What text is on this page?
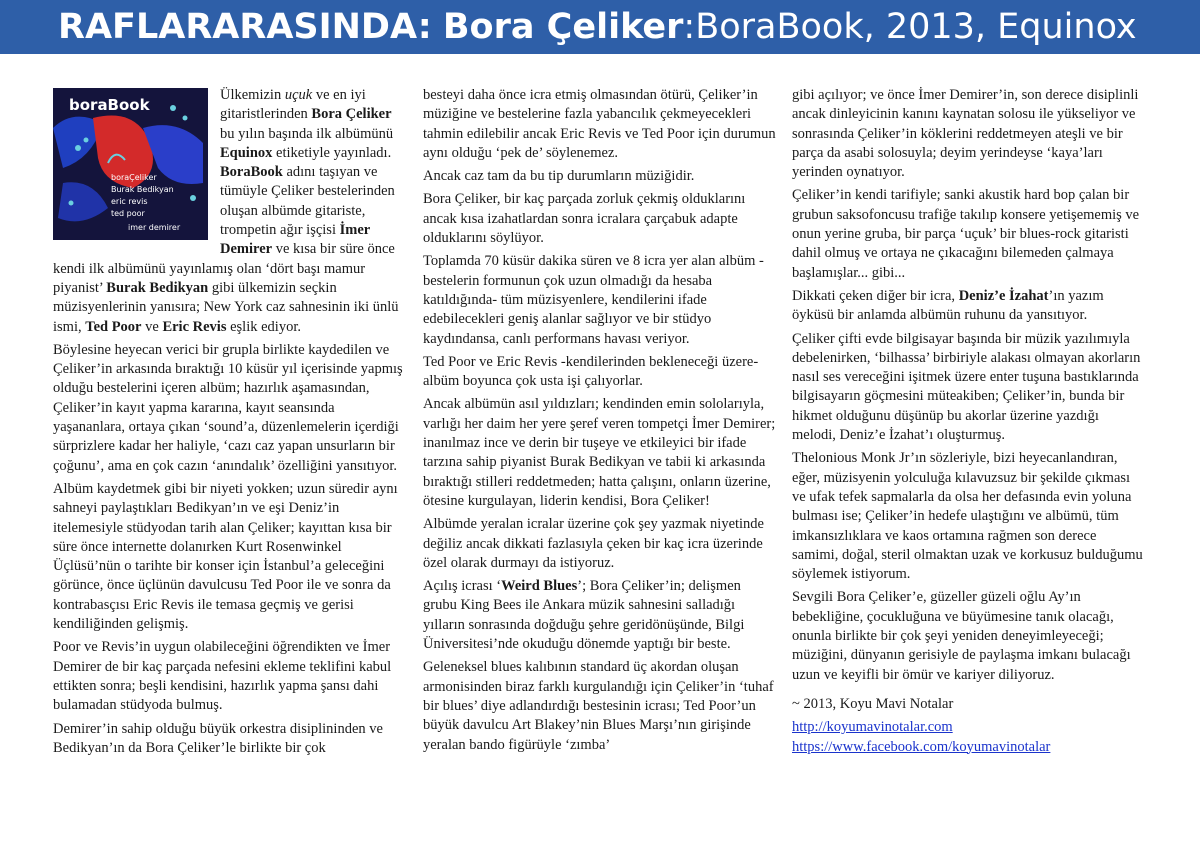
RAFLARARASINDA:
Bora Çeliker : BoraBook, 2013, Equinox
boraBook
boraÇeliker
Burak Bedikyan
eric revis
ted poor
imer demirer

Ülkemizin uçuk ve en iyi gitaristlerinden Bora Çeliker bu yılın başında ilk albümünü Equinox etiketiyle yayınladı. BoraBook adını taşıyan ve tümüyle Çeliker bestelerinden oluşan albümde gitariste, trompetin ağır işçisi İmer Demirer ve kısa bir süre önce kendi ilk albümünü yayınlamış olan ‘dört başı mamur piyanist’ Burak Bedikyan gibi ülkemizin seçkin müzisyenlerinin yanısıra; New York caz sahnesinin iki ünlü ismi, Ted Poor ve Eric Revis eşlik ediyor.

Böylesine heyecan verici bir grupla birlikte kaydedilen ve Çeliker’in arkasında bıraktığı 10 küsür yıl içerisinde yapmış olduğu bestelerini içeren albüm; hazırlık aşamasından, Çeliker’in kayıt yapma kararına, kayıt seansında yaşananlara, ortaya çıkan ‘sound’a, düzenlemelerin içerdiği sürprizlere kadar her haliyle, ‘cazı caz yapan unsurların bir çoğunu’, ama en çok cazın ‘anındalık’ özelliğini yansıtıyor.

Albüm kaydetmek gibi bir niyeti yokken; uzun süredir aynı sahneyi paylaştıkları Bedikyan’ın ve eşi Deniz’in itelemesiyle stüdyodan tarih alan Çeliker; kayıttan kısa bir süre önce internette dolanırken Kurt Rosenwinkel Üçlüsü’nün o tarihte bir konser için İstanbul’a geleceğini görünce, önce üçlünün davulcusu Ted Poor ile ve sonra da kontrabasçısı Eric Revis ile temasa geçmiş ve gerisi kendiliğinden gelişmiş.

Poor ve Revis’in uygun olabileceğini öğrendikten ve İmer Demirer de bir kaç parçada nefesini ekleme teklifini kabul ettikten sonra; beşli kendisini, hazırlık yapma şansı dahi bulamadan stüdyoda bulmuş.

Demirer’in sahip olduğu büyük orkestra disiplininden ve Bedikyan’ın da Bora Çeliker’le birlikte bir çok

besteyi daha önce icra etmiş olmasından ötürü, Çeliker’in müziğine ve bestelerine fazla yabancılık çekmeyecekleri tahmin edilebilir ancak Eric Revis ve Ted Poor için durumun aynı olduğu ‘pek de’ söylenemez.

Ancak caz tam da bu tip durumların müziğidir.

Bora Çeliker, bir kaç parçada zorluk çekmiş olduklarını ancak kısa izahatlardan sonra icralara çarçabuk adapte olduklarını söylüyor.

Toplamda 70 küsür dakika süren ve 8 icra yer alan albüm -bestelerin formunun çok uzun olmadığı da hesaba katıldığında- tüm müzisyenlere, kendilerini ifade edebilecekleri geniş alanlar sağlıyor ve bir stüdyo kaydındansa, canlı performans havası veriyor.

Ted Poor ve Eric Revis -kendilerinden bekleneceği üzere- albüm boyunca çok usta işi çalıyorlar.

Ancak albümün asıl yıldızları; kendinden emin sololarıyla, varlığı her daim her yere şeref veren tompetçi İmer Demirer; inanılmaz ince ve derin bir tuşeye ve etkileyici bir ifade tarzına sahip piyanist Burak Bedikyan ve tabii ki arkasında bıraktığı stilleri reddetmeden; hatta çalışını, onların üzerine, ötesine kurgulayan, liderin kendisi, Bora Çeliker!

Albümde yeralan icralar üzerine çok şey yazmak niyetinde değiliz ancak dikkati fazlasıyla çeken bir kaç icra üzerinde özel olarak durmayı da istiyoruz.

Açılış icrası ‘Weird Blues’; Bora Çeliker’in; delişmen grubu King Bees ile Ankara müzik sahnesini salladığı yılların sonrasında doğduğu şehre geridönüşünde, Bilgi Üniversitesi’nde okuduğu dönemde yaptığı bir beste.

Geleneksel blues kalıbının standard üç akordan oluşan armonisinden biraz farklı kurgulandığı için Çeliker’in ‘tuhaf bir blues’ diye adlandırdığı bestesinin icrası; Ted Poor’un büyük davulcu Art Blakey’nin Blues Marşı’nın girişinde yeralan bando figürüyle ‘zımba’

gibi açılıyor; ve önce İmer Demirer’in, son derece disiplinli ancak dinleyicinin kanını kaynatan solosu ile yükseliyor ve sonrasında Çeliker’in köklerini reddetmeyen ateşli ve bir parça da asabi solosuyla; deyim yerindeyse ‘kaya’ları yerinden oynatıyor.

Çeliker’in kendi tarifiyle; sanki akustik hard bop çalan bir grubun saksofoncusu trafiğe takılıp konsere yetişememiş ve onun yerine gruba, bir parça ‘uçuk’ bir blues-rock gitaristi dahil olmuş ve ortaya ne çıkacağını bilemeden çalmaya başlamışlar... gibi...

Dikkati çeken diğer bir icra, Deniz’e İzahat’ın yazım öyküsü bir anlamda albümün ruhunu da yansıtıyor.

Çeliker çifti evde bilgisayar başında bir müzik yazılımıyla debelenirken, ‘bilhassa’ birbiriyle alakası olmayan akorların nasıl ses vereceğini işitmek üzere enter tuşuna bastıklarında bilgisayarın göçmesini müteakiben; Çeliker’in, bunda bir hikmet olduğunu düşünüp bu akorlar üzerine yazdığı melodi, Deniz’e İzahat’ı oluşturmuş.

Thelonious Monk Jr’ın sözleriyle, bizi heyecanlandıran, eğer, müzisyenin yolculuğa kılavuzsuz bir şekilde çıkması ve ufak tefek sapmalarla da olsa her defasında evin yoluna bulması ise; Çeliker’in hedefe ulaştığını ve albümü, tüm imkansızlıklara ve kaos ortamına rağmen son derece samimi, doğal, steril olmaktan uzak ve korkusuz bulduğumu söylemek istiyorum.

Sevgili Bora Çeliker’e, güzeller güzeli oğlu Ay’ın bebekliğine, çocukluğuna ve büyümesine tanık olacağı, onunla birlikte bir çok şeyi yeniden deneyimleyeceği; müziğini, dünyanın gerisiyle de paylaşma imkanı bulacağı uzun ve keyifli bir ömür ve kariyer diliyoruz.

~ 2013, Koyu Mavi Notalar

http://koyumavinotalar.com
https://www.facebook.com/koyumavinotalar
